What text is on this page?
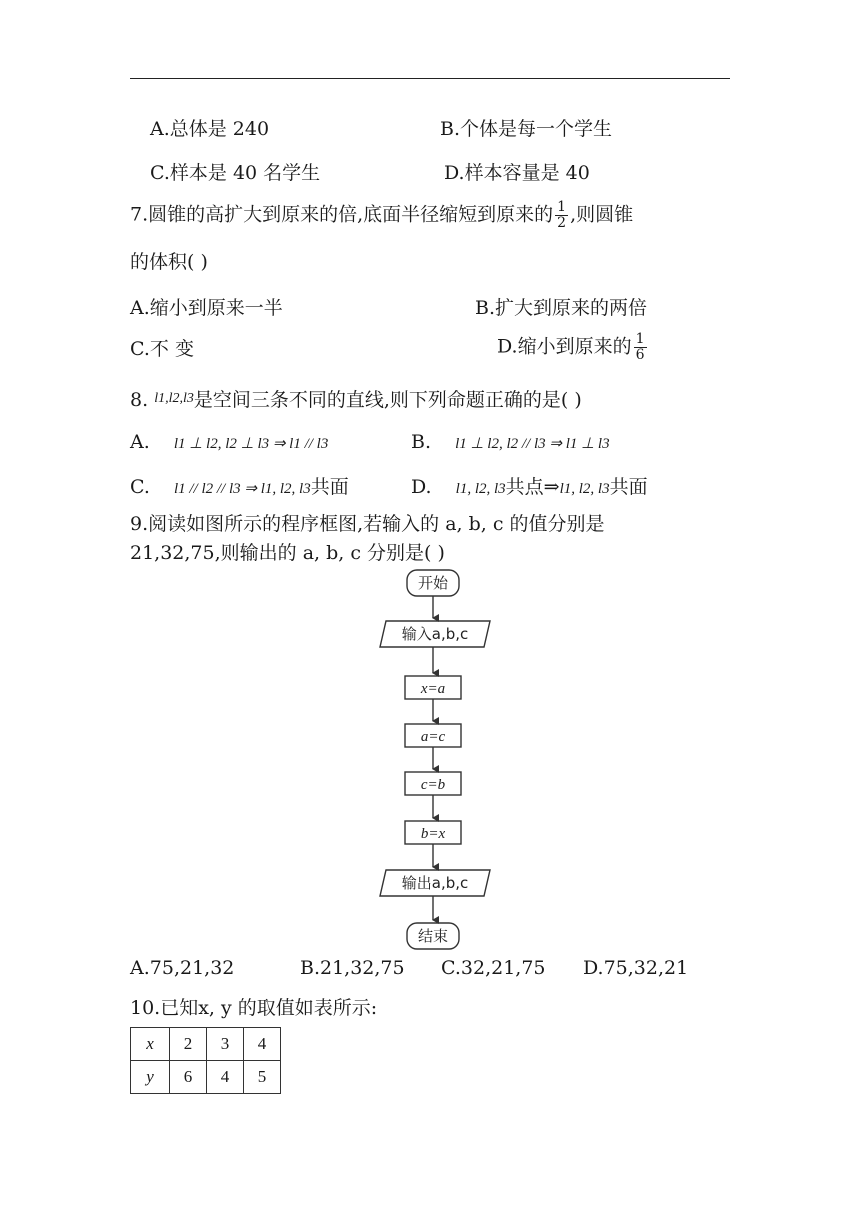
A.总体是 240	B.个体是每一个学生
C.样本是 40 名学生	D.样本容量是 40
7.圆锥的高扩大到原来的倍,底面半径缩短到原来的 $\frac{1}{2}$ ,则圆锥
的体积( )
A.缩小到原来一半	B.扩大到原来的两倍
C.不 变	D.缩小到原来的 $\frac{1}{6}$
8. $^{l1,l2,l3}$是空间三条不同的直线,则下列命题正确的是( )
A. l1 ⊥ l2, l2 ⊥ l3 ⇒ l1 // l3	B. l1 ⊥ l2, l2 // l3 ⇒ l1 ⊥ l3
C. l1 // l2 // l3 ⇒ l1, l2, l3共面	D. l1, l2, l3共点⇒l1, l2, l3共面
9.阅读如图所示的程序框图,若输入的 a, b, c 的值分别是
21,32,75,则输出的 a, b, c 分别是( )
开始
输入a,b,c
x=a
a=c
c=b
b=x
输出a,b,c
结束
A.75,21,32	B.21,32,75 C.32,21,75 D.75,32,21
10.已知x, y 的取值如表所示:
x	2	3	4
y	6	4	5
